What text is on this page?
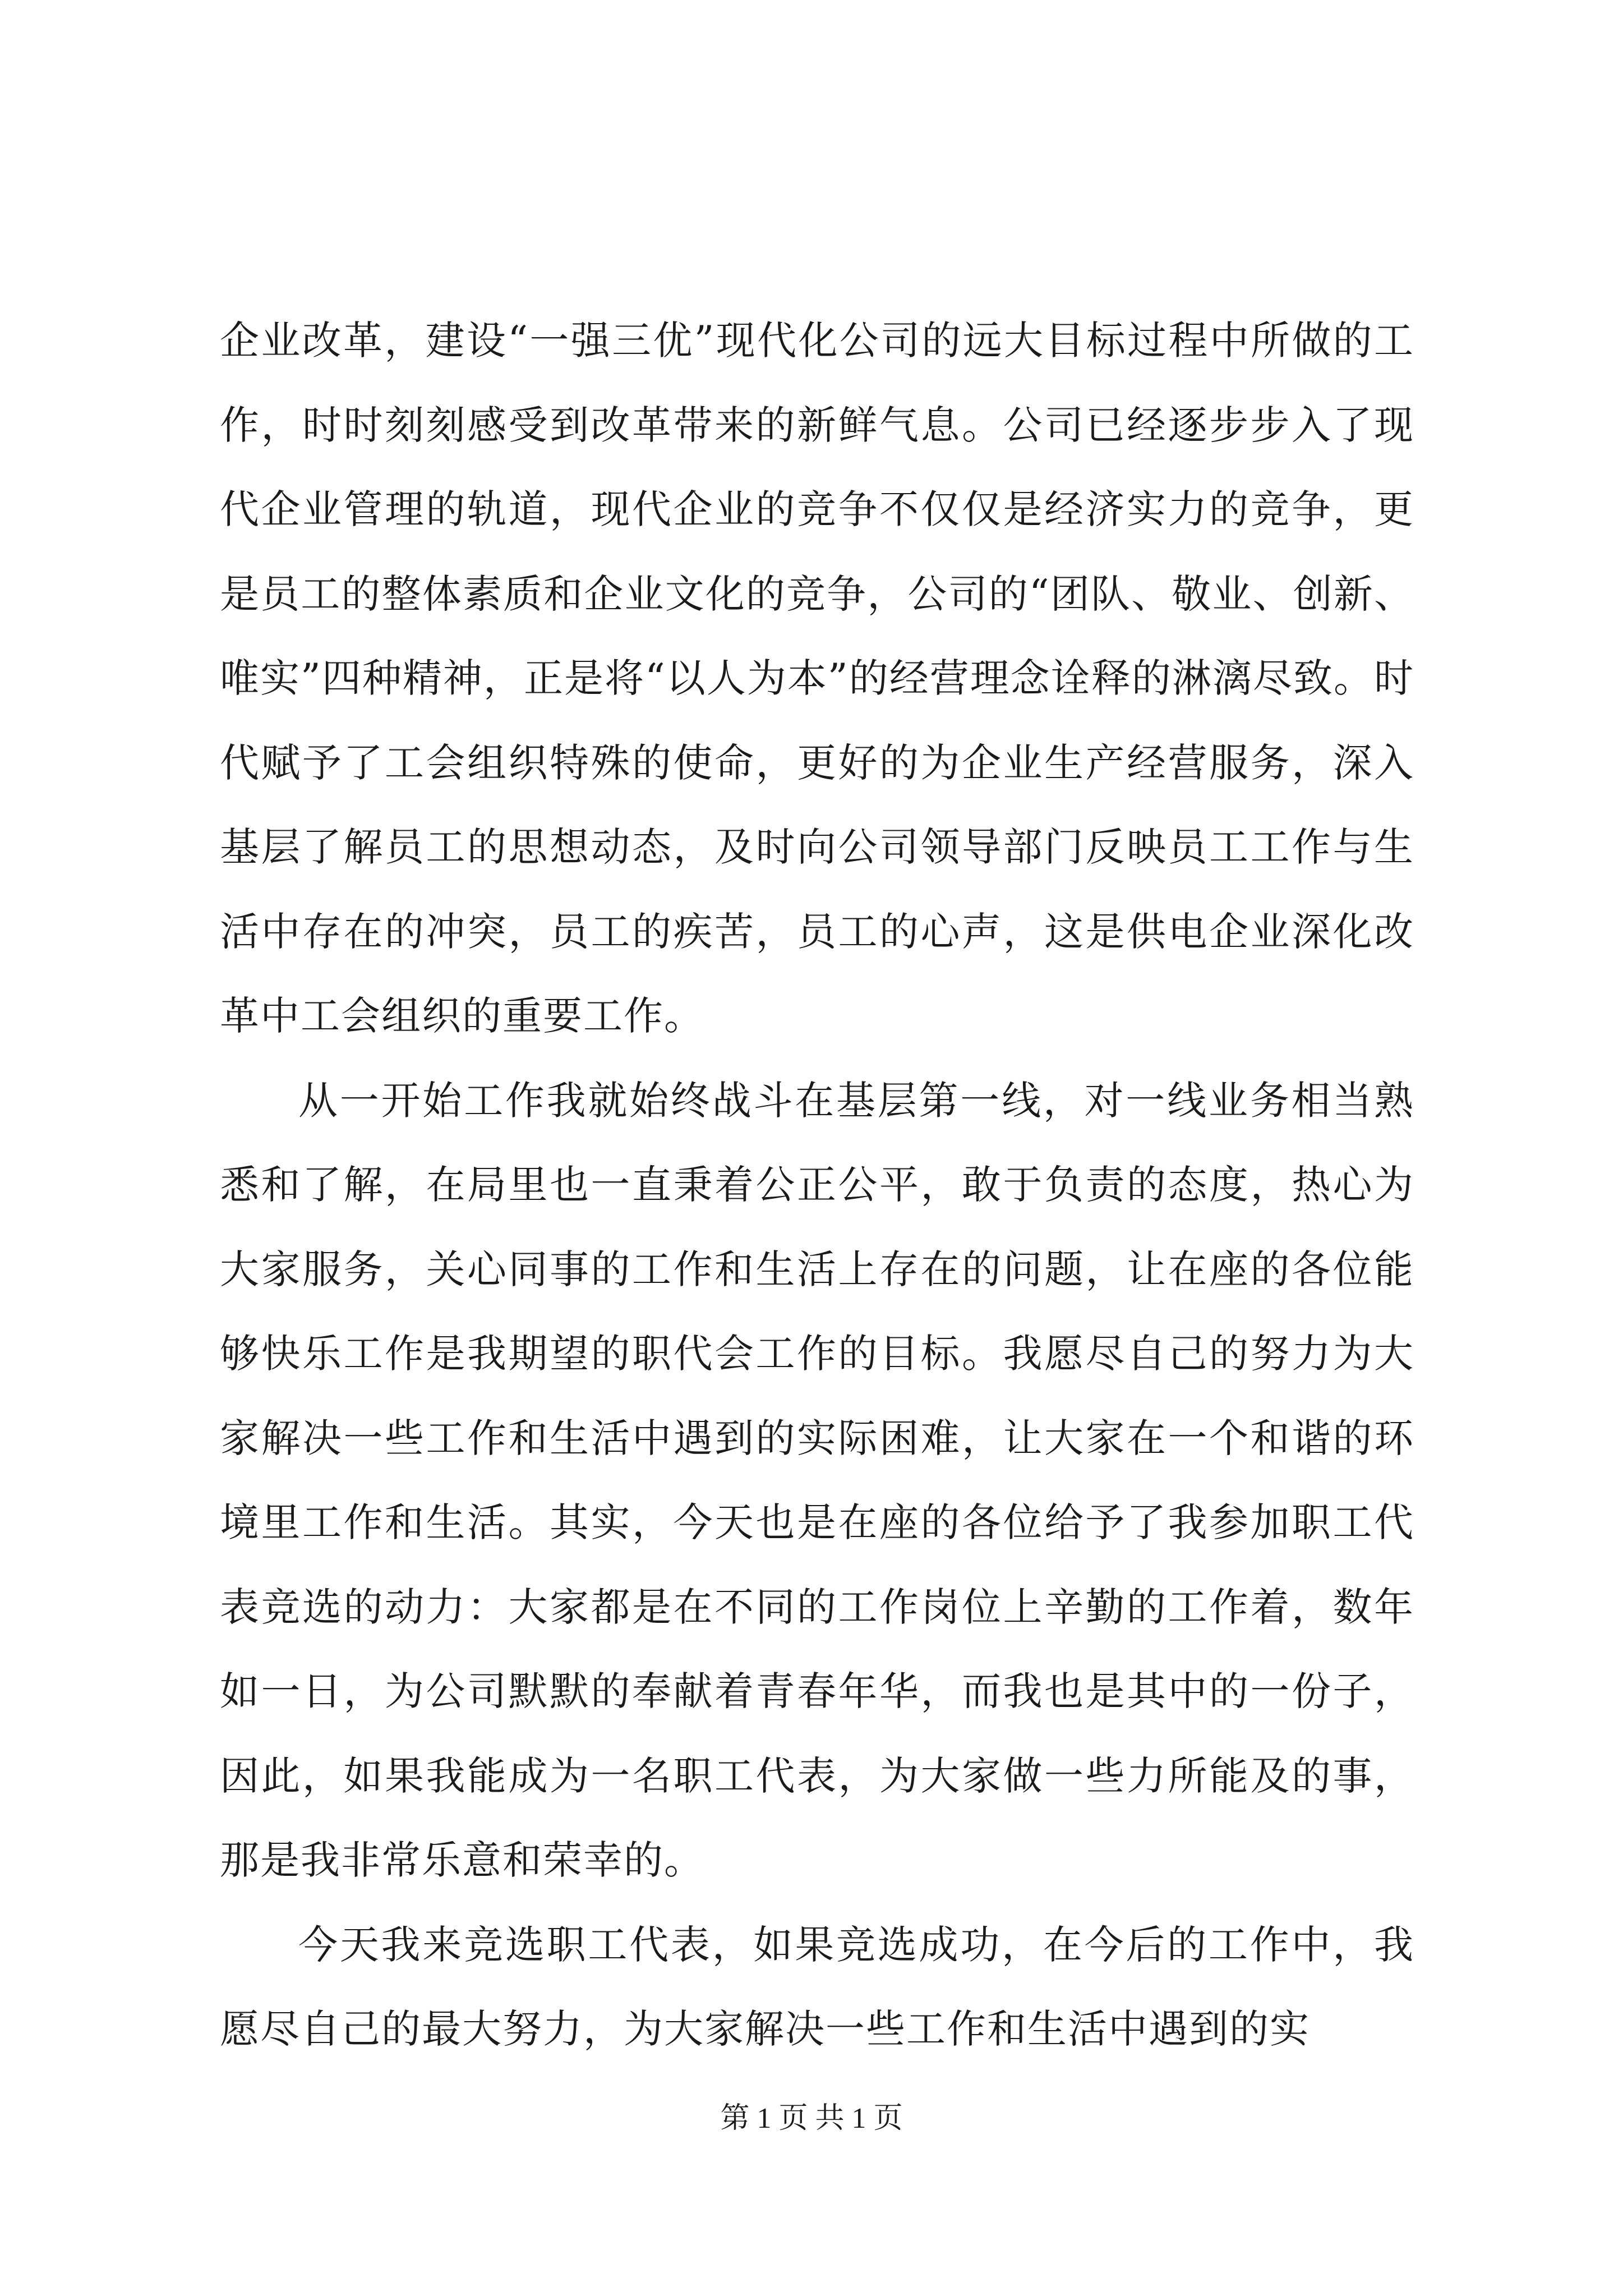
企业改革，建设“一强三优”现代化公司的远大目标过程中所做的工作，时时刻刻感受到改革带来的新鲜气息。公司已经逐步步入了现代企业管理的轨道，现代企业的竞争不仅仅是经济实力的竞争，更是员工的整体素质和企业文化的竞争，公司的“团队、敬业、创新、唯实”四种精神，正是将“以人为本”的经营理念诠释的淋漓尽致。时代赋予了工会组织特殊的使命，更好的为企业生产经营服务，深入基层了解员工的思想动态，及时向公司领导部门反映员工工作与生活中存在的冲突，员工的疾苦，员工的心声，这是供电企业深化改革中工会组织的重要工作。

从一开始工作我就始终战斗在基层第一线，对一线业务相当熟悉和了解，在局里也一直秉着公正公平，敢于负责的态度，热心为大家服务，关心同事的工作和生活上存在的问题，让在座的各位能够快乐工作是我期望的职代会工作的目标。我愿尽自己的努力为大家解决一些工作和生活中遇到的实际困难，让大家在一个和谐的环境里工作和生活。其实，今天也是在座的各位给予了我参加职工代表竞选的动力：大家都是在不同的工作岗位上辛勤的工作着，数年如一日，为公司默默的奉献着青春年华，而我也是其中的一份子，因此，如果我能成为一名职工代表，为大家做一些力所能及的事，那是我非常乐意和荣幸的。

今天我来竞选职工代表，如果竞选成功，在今后的工作中，我愿尽自己的最大努力，为大家解决一些工作和生活中遇到的实

第 1 页 共 1 页
